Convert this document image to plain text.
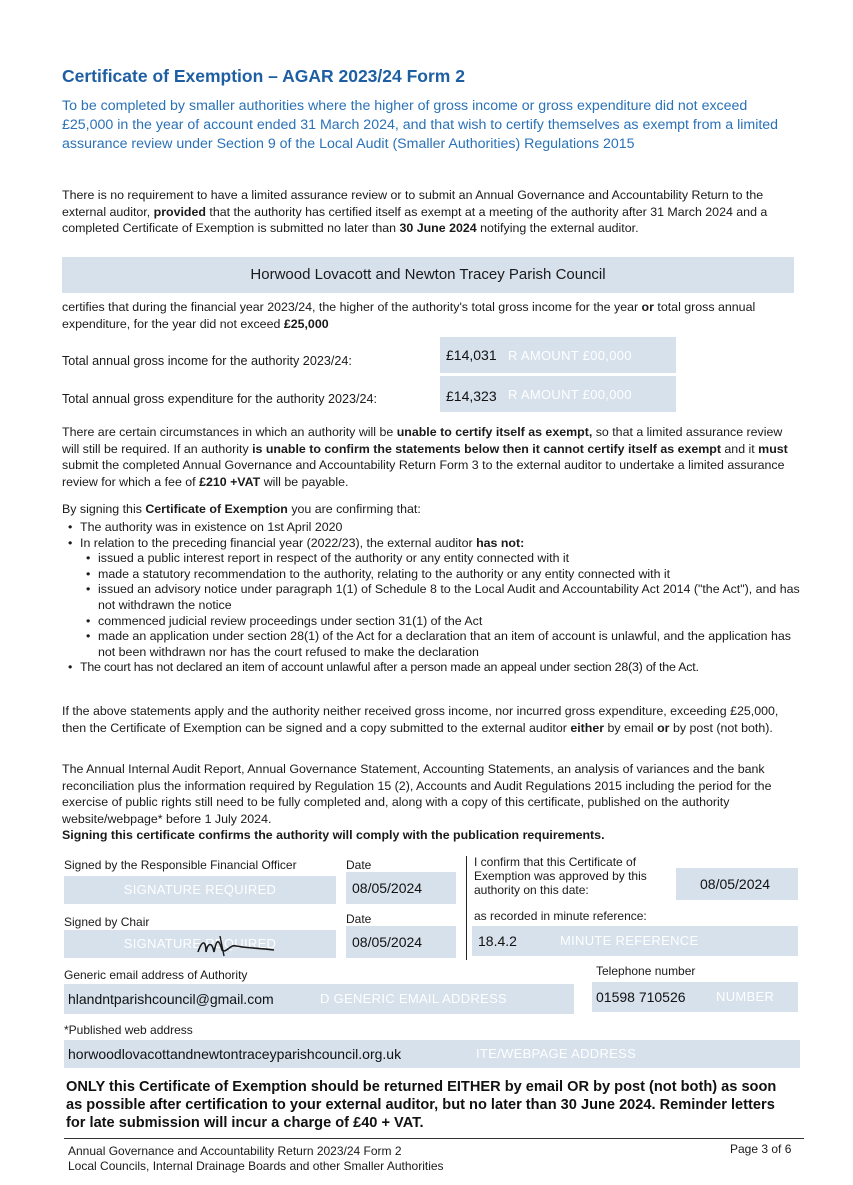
Certificate of Exemption – AGAR 2023/24 Form 2
To be completed by smaller authorities where the higher of gross income or gross expenditure did not exceed £25,000 in the year of account ended 31 March 2024, and that wish to certify themselves as exempt from a limited assurance review under Section 9 of the Local Audit (Smaller Authorities) Regulations 2015
There is no requirement to have a limited assurance review or to submit an Annual Governance and Accountability Return to the external auditor, provided that the authority has certified itself as exempt at a meeting of the authority after 31 March 2024 and a completed Certificate of Exemption is submitted no later than 30 June 2024 notifying the external auditor.
Horwood Lovacott and Newton Tracey Parish Council
certifies that during the financial year 2023/24, the higher of the authority's total gross income for the year or total gross annual expenditure, for the year did not exceed £25,000
Total annual gross income for the authority 2023/24:	£14,031 R AMOUNT £00,000
Total annual gross expenditure for the authority 2023/24:	£14,323 R AMOUNT £00,000
There are certain circumstances in which an authority will be unable to certify itself as exempt, so that a limited assurance review will still be required. If an authority is unable to confirm the statements below then it cannot certify itself as exempt and it must submit the completed Annual Governance and Accountability Return Form 3 to the external auditor to undertake a limited assurance review for which a fee of £210 +VAT will be payable.
By signing this Certificate of Exemption you are confirming that:
• The authority was in existence on 1st April 2020
• In relation to the preceding financial year (2022/23), the external auditor has not:
• issued a public interest report in respect of the authority or any entity connected with it
• made a statutory recommendation to the authority, relating to the authority or any entity connected with it
• issued an advisory notice under paragraph 1(1) of Schedule 8 to the Local Audit and Accountability Act 2014 ("the Act"), and has not withdrawn the notice
• commenced judicial review proceedings under section 31(1) of the Act
• made an application under section 28(1) of the Act for a declaration that an item of account is unlawful, and the application has not been withdrawn nor has the court refused to make the declaration
• The court has not declared an item of account unlawful after a person made an appeal under section 28(3) of the Act.
If the above statements apply and the authority neither received gross income, nor incurred gross expenditure, exceeding £25,000, then the Certificate of Exemption can be signed and a copy submitted to the external auditor either by email or by post (not both).
The Annual Internal Audit Report, Annual Governance Statement, Accounting Statements, an analysis of variances and the bank reconciliation plus the information required by Regulation 15 (2), Accounts and Audit Regulations 2015 including the period for the exercise of public rights still need to be fully completed and, along with a copy of this certificate, published on the authority website/webpage* before 1 July 2024.
Signing this certificate confirms the authority will comply with the publication requirements.
Signed by the Responsible Financial Officer	Date
SIGNATURE REQUIRED	08/05/2024
I confirm that this Certificate of Exemption was approved by this authority on this date:	08/05/2024
Signed by Chair	Date
SIGNATURE REQUIRED	08/05/2024
as recorded in minute reference:
18.4.2	MINUTE REFERENCE
Generic email address of Authority
hlandntparishcouncil@gmail.com	D GENERIC EMAIL ADDRESS
Telephone number
01598 710526 NUMBER
*Published web address
horwoodlovacottandnewtontraceyparishcouncil.org.uk	ITE/WEBPAGE ADDRESS
ONLY this Certificate of Exemption should be returned EITHER by email OR by post (not both) as soon as possible after certification to your external auditor, but no later than 30 June 2024. Reminder letters for late submission will incur a charge of £40 + VAT.
Annual Governance and Accountability Return 2023/24 Form 2
Local Councils, Internal Drainage Boards and other Smaller Authorities
Page 3 of 6
